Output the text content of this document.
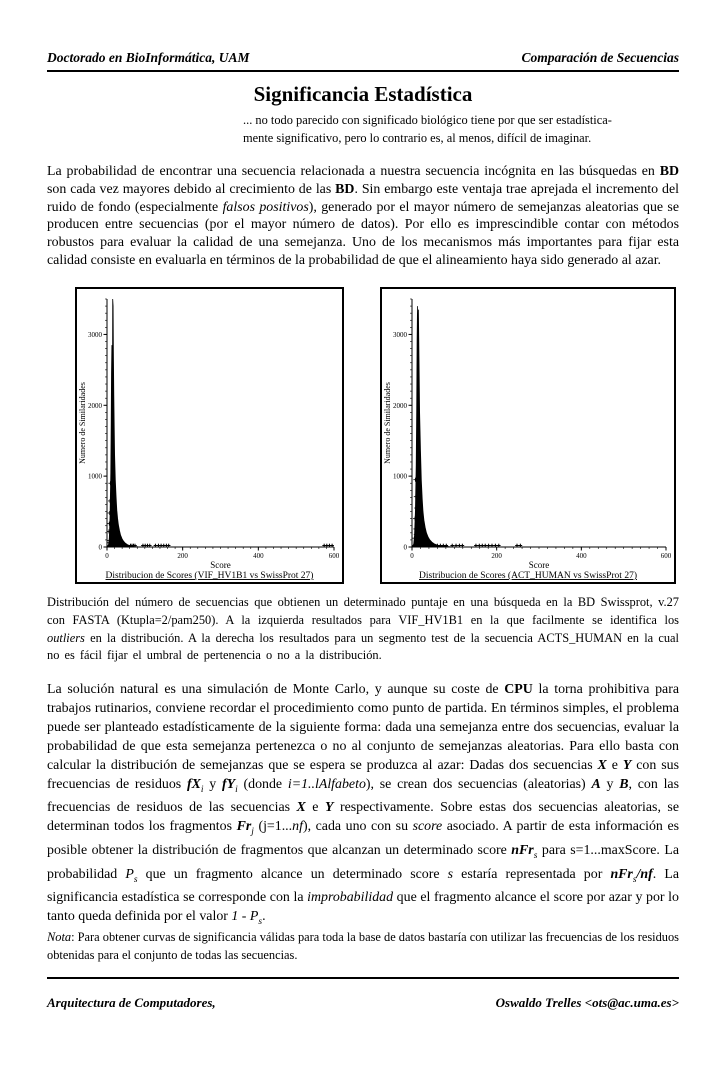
Doctorado en BioInformática, UAM	Comparación de Secuencias
Significancia Estadística
... no todo parecido con significado biológico tiene por que ser estadística-
mente significativo, pero lo contrario es, al menos, difícil de imaginar.

La probabilidad de encontrar una secuencia relacionada a nuestra secuencia incógnita en las búsquedas en BD son cada vez mayores debido al crecimiento de las BD. Sin embargo este ventaja trae aprejada el incremento del ruido de fondo (especialmente falsos positivos), generado por el mayor número de semejanzas aleatorias que se producen entre secuencias (por el mayor número de datos). Por ello es imprescindible contar con métodos robustos para evaluar la calidad de una semejanza. Uno de los mecanismos más importantes para fijar esta calidad consiste en evaluarla en términos de la probabilidad de que el alineamiento haya sido generado al azar.

0	200	400	600
0
1000
2000
3000
Score
Distribucion de Scores (VIF_HV1B1 vs SwissProt 27)
Numero de Similaridades
0	200	400	600
0
1000
2000
3000
Score
Distribucion de Scores (ACT_HUMAN vs SwissProt 27)
Numero de Similaridades

Distribución del número de secuencias que obtienen un determinado puntaje en una búsqueda en la BD Swissprot, v.27 con FASTA (Ktupla=2/pam250). A la izquierda resultados para VIF_HV1B1 en la que facilmente se identifica los outliers en la distribución. A la derecha los resultados para un segmento test de la secuencia ACTS_HUMAN en la cual no es fácil fijar el umbral de pertenencia o no a la distribución.

La solución natural es una simulación de Monte Carlo, y aunque su coste de CPU la torna prohibitiva para trabajos rutinarios, conviene recordar el procedimiento como punto de partida. En términos simples, el problema puede ser planteado estadísticamente de la siguiente forma: dada una semejanza entre dos secuencias, evaluar la probabilidad de que esta semejanza pertenezca o no al conjunto de semejanzas aleatorias. Para ello basta con calcular la distribución de semejanzas que se espera se produzca al azar: Dadas dos secuencias X e Y con sus frecuencias de residuos $fX_i$ y $fY_i$ (donde i=1..lAlfabeto), se crean dos secuencias (aleatorias) A y B, con las frecuencias de residuos de las secuencias X e Y respectivamente. Sobre estas dos secuencias aleatorias, se determinan todos los fragmentos $Fr_j$ (j=1...nf), cada uno con su score asociado. A partir de esta información es posible obtener la distribución de fragmentos que alcanzan un determinado score nFr$_s$ para s=1...maxScore. La probabilidad $P_s$ que un fragmento alcance un determinado score s estaría representada por nFr$_s$/nf. La significancia estadística se corresponde con la improbabilidad que el fragmento alcance el score por azar y por lo tanto queda definida por el valor $1 - P_s$.

Nota: Para obtener curvas de significancia válidas para toda la base de datos bastaría con utilizar las frecuencias de los residuos obtenidas para el conjunto de todas las secuencias.

Arquitectura de Computadores,	Oswaldo Trelles <ots@ac.uma.es>
